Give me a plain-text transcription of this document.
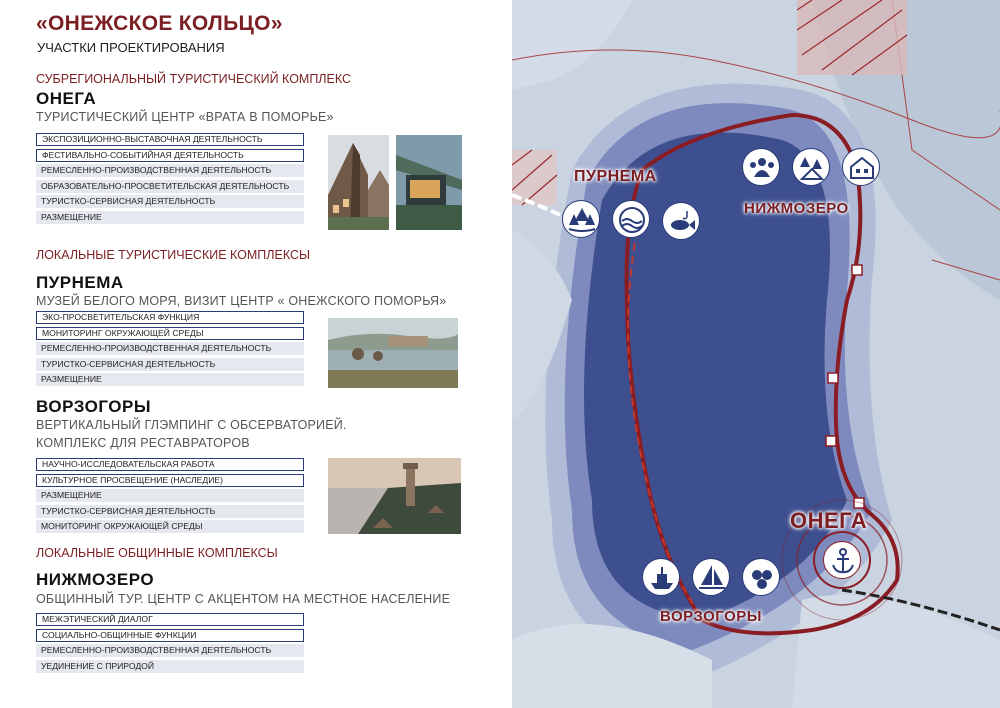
«ОНЕЖСКОЕ КОЛЬЦО»
УЧАСТКИ ПРОЕКТИРОВАНИЯ
СУБРЕГИОНАЛЬНЫЙ ТУРИСТИЧЕСКИЙ КОМПЛЕКС
ОНЕГА
ТУРИСТИЧЕСКИЙ ЦЕНТР «ВРАТА В ПОМОРЬЕ»
ЭКСПОЗИЦИОННО-ВЫСТАВОЧНАЯ ДЕЯТЕЛЬНОСТЬ
ФЕСТИВАЛЬНО-СОБЫТИЙНАЯ ДЕЯТЕЛЬНОСТЬ
РЕМЕСЛЕННО-ПРОИЗВОДСТВЕННАЯ ДЕЯТЕЛЬНОСТЬ
ОБРАЗОВАТЕЛЬНО-ПРОСВЕТИТЕЛЬСКАЯ ДЕЯТЕЛЬНОСТЬ
ТУРИСТКО-СЕРВИСНАЯ ДЕЯТЕЛЬНОСТЬ
РАЗМЕЩЕНИЕ
ЛОКАЛЬНЫЕ ТУРИСТИЧЕСКИЕ КОМПЛЕКСЫ
ПУРНЕМА
МУЗЕЙ БЕЛОГО МОРЯ, ВИЗИТ ЦЕНТР « ОНЕЖСКОГО ПОМОРЬЯ»
ЭКО-ПРОСВЕТИТЕЛЬСКАЯ ФУНКЦИЯ
МОНИТОРИНГ ОКРУЖАЮЩЕЙ СРЕДЫ
РЕМЕСЛЕННО-ПРОИЗВОДСТВЕННАЯ ДЕЯТЕЛЬНОСТЬ
ТУРИСТКО-СЕРВИСНАЯ ДЕЯТЕЛЬНОСТЬ
РАЗМЕЩЕНИЕ
ВОРЗОГОРЫ
ВЕРТИКАЛЬНЫЙ ГЛЭМПИНГ С ОБСЕРВАТОРИЕЙ.
КОМПЛЕКС ДЛЯ РЕСТАВРАТОРОВ
НАУЧНО-ИССЛЕДОВАТЕЛЬСКАЯ РАБОТА
КУЛЬТУРНОЕ ПРОСВЕЩЕНИЕ (НАСЛЕДИЕ)
РАЗМЕЩЕНИЕ
ТУРИСТКО-СЕРВИСНАЯ ДЕЯТЕЛЬНОСТЬ
МОНИТОРИНГ ОКРУЖАЮЩЕЙ СРЕДЫ
ЛОКАЛЬНЫЕ ОБЩИННЫЕ КОМПЛЕКСЫ
НИЖМОЗЕРО
ОБЩИННЫЙ ТУР. ЦЕНТР С АКЦЕНТОМ НА МЕСТНОЕ НАСЕЛЕНИЕ
МЕЖЭТИЧЕСКИЙ ДИАЛОГ
СОЦИАЛЬНО-ОБЩИННЫЕ ФУНКЦИИ
РЕМЕСЛЕННО-ПРОИЗВОДСТВЕННАЯ ДЕЯТЕЛЬНОСТЬ
УЕДИНЕНИЕ С ПРИРОДОЙ
ПУРНЕМА
НИЖМОЗЕРО
ОНЕГА
ВОРЗОГОРЫ
